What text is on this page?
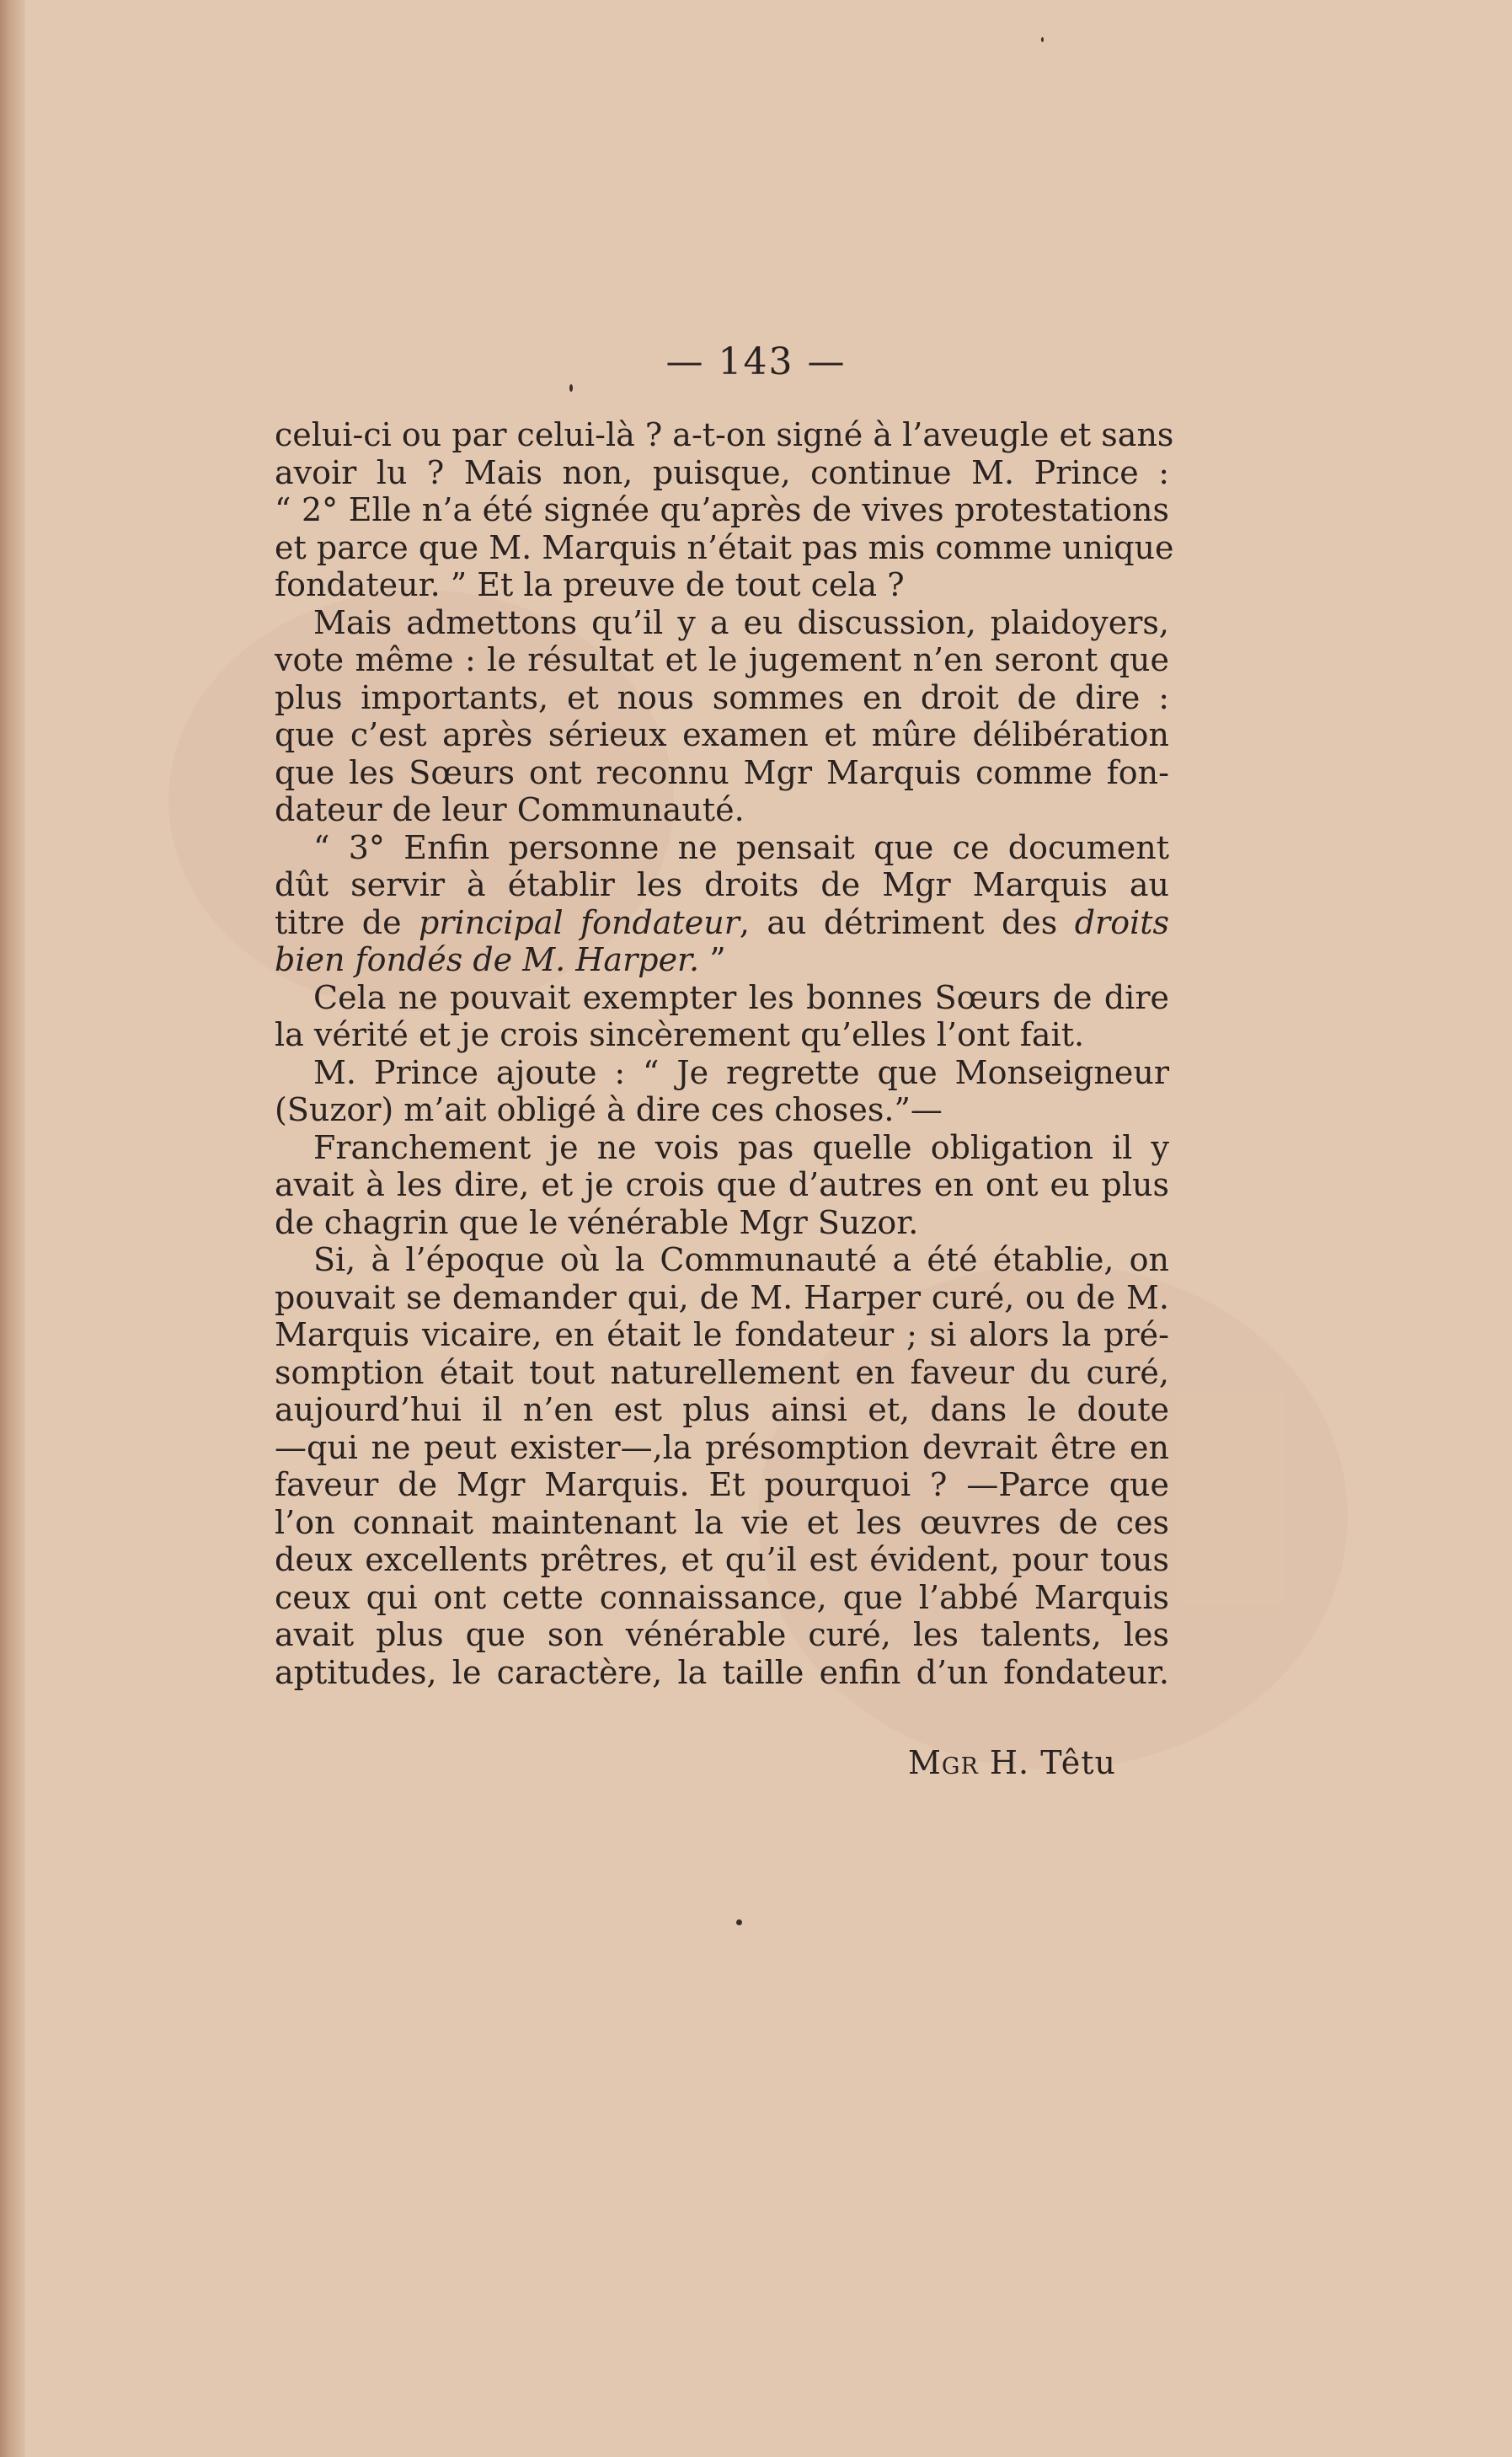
— 143 —
celui-ci ou par celui-là ? a-t-on signé à l’aveugle et sans
avoir lu ? Mais non, puisque, continue M. Prince :
“ 2° Elle n’a été signée qu’après de vives protestations
et parce que M. Marquis n’était pas mis comme unique
fondateur. ” Et la preuve de tout cela ?
Mais admettons qu’il y a eu discussion, plaidoyers,
vote même : le résultat et le jugement n’en seront que
plus importants, et nous sommes en droit de dire :
que c’est après sérieux examen et mûre délibération
que les Sœurs ont reconnu Mgr Marquis comme fon-
dateur de leur Communauté.
“ 3° Enfin personne ne pensait que ce document
dût servir à établir les droits de Mgr Marquis au
titre de principal fondateur, au détriment des droits
bien fondés de M. Harper. ”
Cela ne pouvait exempter les bonnes Sœurs de dire
la vérité et je crois sincèrement qu’elles l’ont fait.
M. Prince ajoute : “ Je regrette que Monseigneur
(Suzor) m’ait obligé à dire ces choses.”—
Franchement je ne vois pas quelle obligation il y
avait à les dire, et je crois que d’autres en ont eu plus
de chagrin que le vénérable Mgr Suzor.
Si, à l’époque où la Communauté a été établie, on
pouvait se demander qui, de M. Harper curé, ou de M.
Marquis vicaire, en était le fondateur ; si alors la pré-
somption était tout naturellement en faveur du curé,
aujourd’hui il n’en est plus ainsi et, dans le doute
—qui ne peut exister—,la présomption devrait être en
faveur de Mgr Marquis. Et pourquoi ? —Parce que
l’on connait maintenant la vie et les œuvres de ces
deux excellents prêtres, et qu’il est évident, pour tous
ceux qui ont cette connaissance, que l’abbé Marquis
avait plus que son vénérable curé, les talents, les
aptitudes, le caractère, la taille enfin d’un fondateur.
Mgr H. Têtu
